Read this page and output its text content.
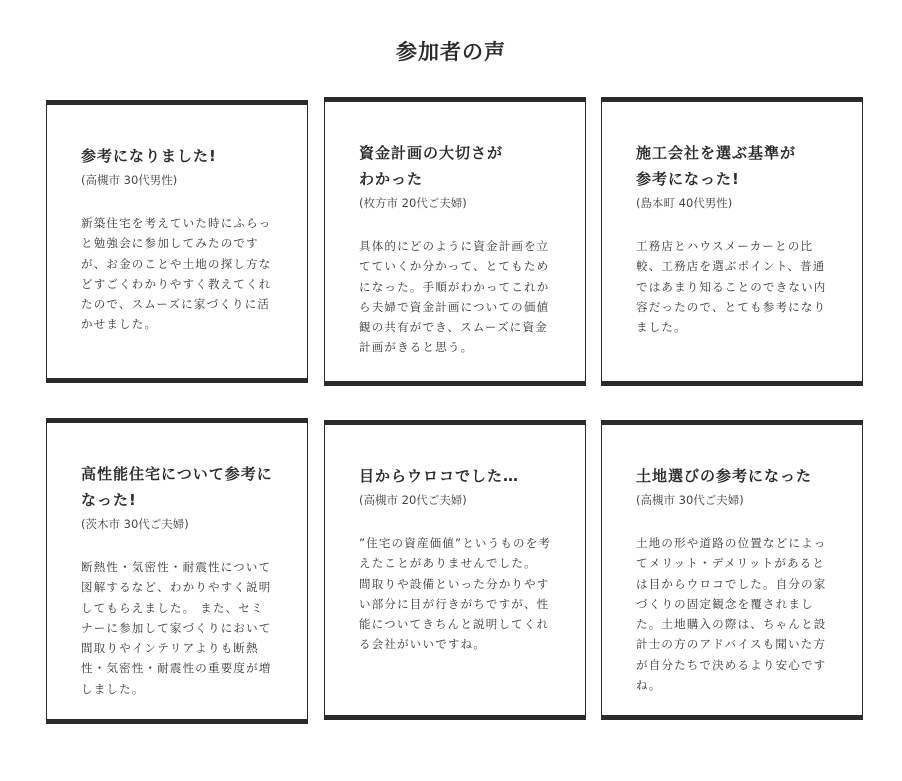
参加者の声
参考になりました!

(高槻市 30代男性)

新築住宅を考えていた時にふらっと勉強会に参加してみたのですが、お金のことや土地の探し方などすごくわかりやすく教えてくれたので、スムーズに家づくりに活かせました。

資金計画の大切さがわかった

(枚方市 20代ご夫婦)

具体的にどのように資金計画を立てていくか分かって、とてもためになった。手順がわかってこれから夫婦で資金計画についての価値観の共有ができ、スムーズに資金計画がきると思う。

施工会社を選ぶ基準が参考になった!

(島本町 40代男性)

工務店とハウスメーカーとの比較、工務店を選ぶポイント、普通ではあまり知ることのできない内容だったので、とても参考になりました。

高性能住宅について参考になった!

(茨木市 30代ご夫婦)

断熱性・気密性・耐震性について図解するなど、わかりやすく説明してもらえました。 また、セミナーに参加して家づくりにおいて間取りやインテリアよりも断熱性・気密性・耐震性の重要度が増しました。

目からウロコでした…

(高槻市 20代ご夫婦)

”住宅の資産価値”というものを考えたことがありませんでした。 間取りや設備といった分かりやすい部分に目が行きがちですが、性能についてきちんと説明してくれる会社がいいですね。

土地選びの参考になった

(高槻市 30代ご夫婦)

土地の形や道路の位置などによってメリット・デメリットがあるとは目からウロコでした。自分の家づくりの固定観念を覆されました。土地購入の際は、ちゃんと設計士の方のアドバイスも聞いた方が自分たちで決めるより安心ですね。
